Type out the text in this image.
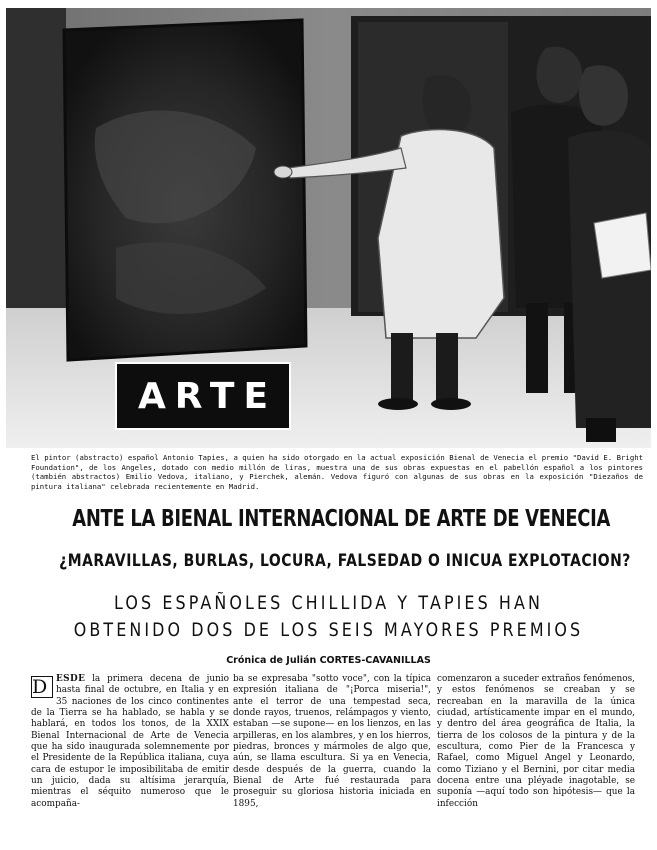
ARTE
El pintor (abstracto) español Antonio Tapies, a quien ha sido otorgado en la actual exposición Bienal de Venecia el premio "David E. Bright Foundation", de los Angeles, dotado con medio millón de liras, muestra una de sus obras expuestas en el pabellón español a los pintores (también abstractos) Emilio Vedova, italiano, y Pierchek, alemán. Vedova figuró con algunas de sus obras en la exposición "Diezaños de pintura italiana" celebrada recientemente en Madrid.
ANTE LA BIENAL INTERNACIONAL DE ARTE DE VENECIA
¿MARAVILLAS, BURLAS, LOCURA, FALSEDAD O INICUA EXPLOTACION?
LOS ESPAÑOLES CHILLIDA Y TAPIES HAN
OBTENIDO DOS DE LOS SEIS MAYORES PREMIOS
Crónica de Julián CORTES-CAVANILLAS
D ESDE la primera decena de junio hasta final de octubre, en Italia y en 35 naciones de los cinco continentes de la Tierra se ha hablado, se habla y se hablará, en todos los tonos, de la XXIX Bienal Internacional de Arte de Venecia que ha sido inaugurada solemnemente por el Presidente de la República italiana, cuya cara de estupor le imposibilitaba de emitir un juicio, dada su altísima jerarquía, mientras el séquito numeroso que le acompaña-
ba se expresaba "sotto voce", con la típica expresión italiana de "¡Porca miseria!", ante el terror de una tempestad seca, donde rayos, truenos, relámpagos y viento, estaban —se supone— en los lienzos, en las arpilleras, en los alambres, y en los hierros, piedras, bronces y mármoles de algo que, aún, se llama escultura. Si ya en Venecia, desde después de la guerra, cuando la Bienal de Arte fué restaurada para proseguir su gloriosa historia iniciada en 1895,
comenzaron a suceder extraños fenómenos, y estos fenómenos se creaban y se recreaban en la maravilla de la única ciudad, artísticamente impar en el mundo, y dentro del área geográfica de Italia, la tierra de los colosos de la pintura y de la escultura, como Pier de la Francesca y Rafael, como Miguel Angel y Leonardo, como Tiziano y el Bernini, por citar media docena entre una pléyade inagotable, se suponía —aquí todo son hipótesis— que la infección
